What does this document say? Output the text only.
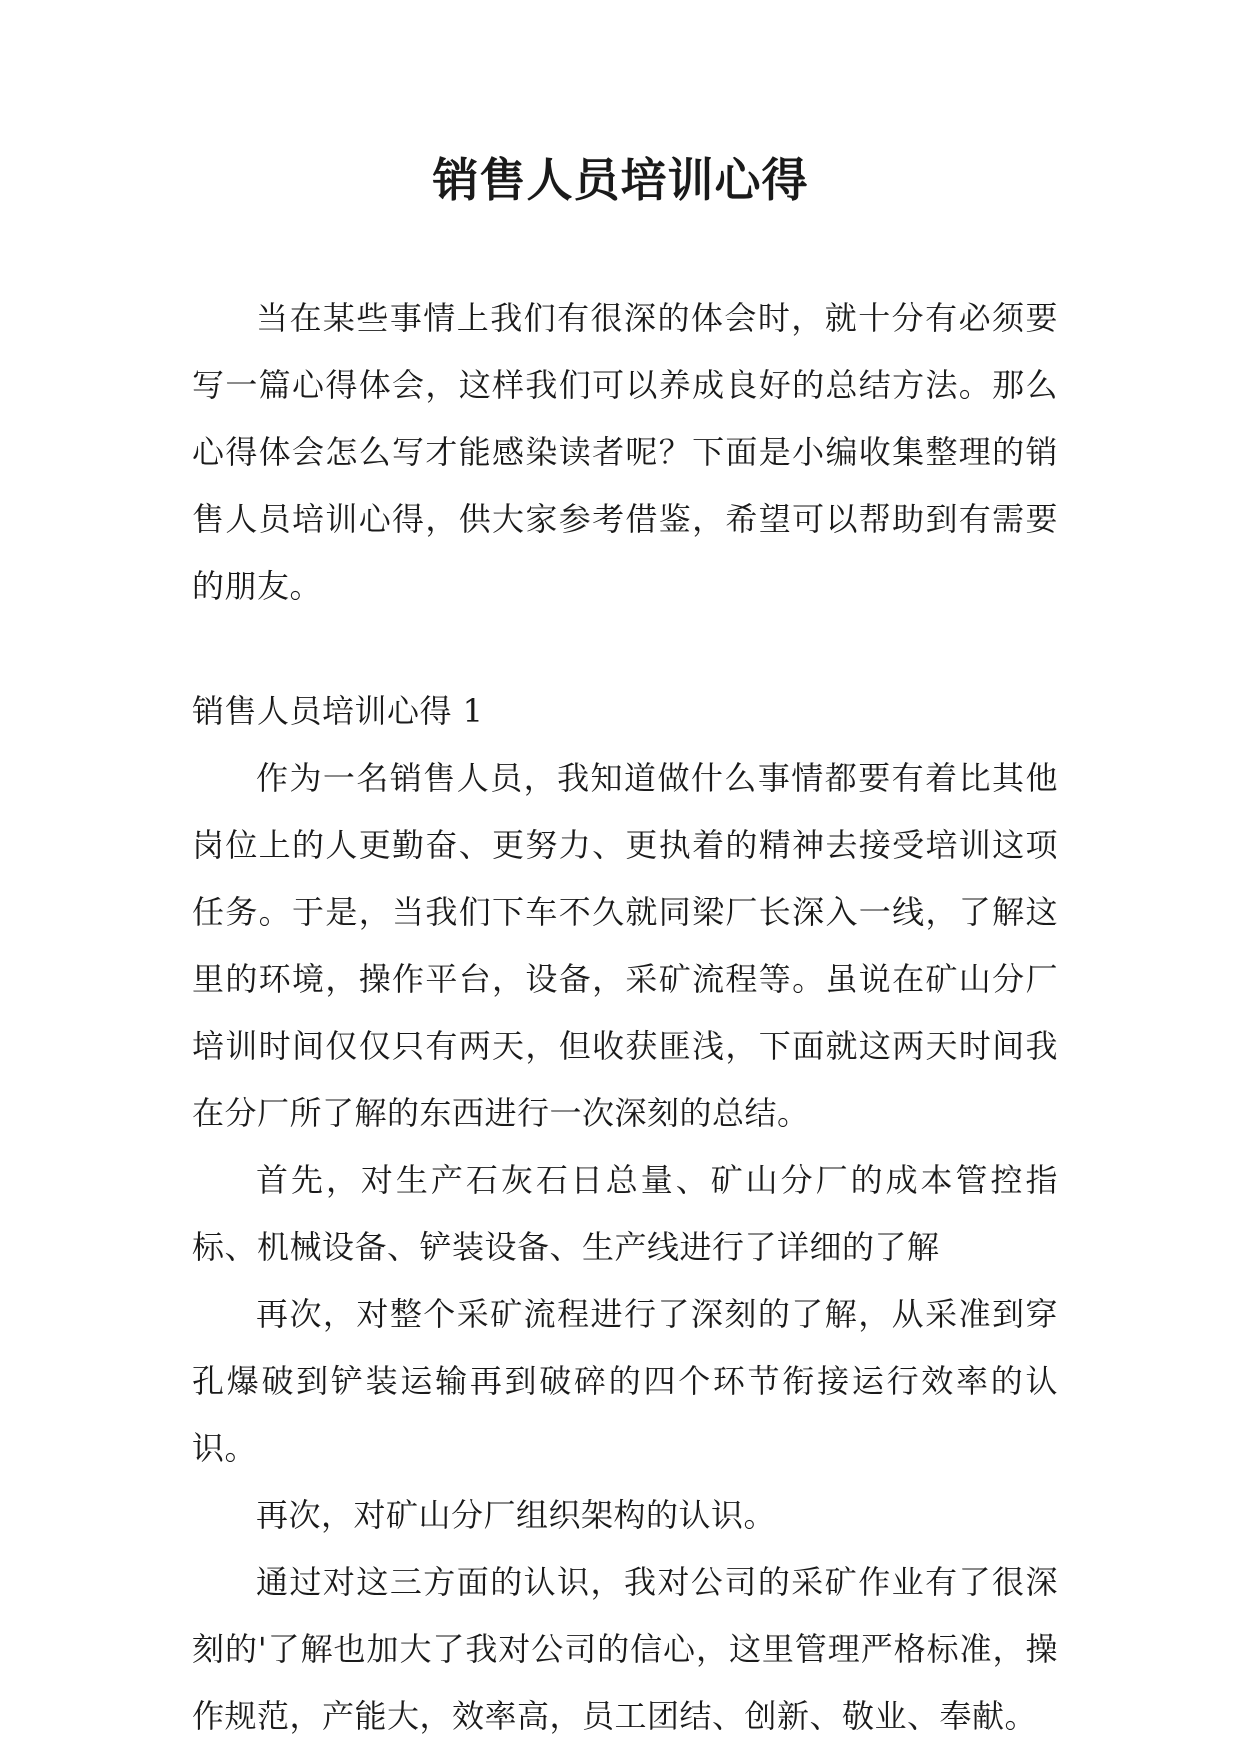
销售人员培训心得

当在某些事情上我们有很深的体会时，就十分有必须要写一篇心得体会，这样我们可以养成良好的总结方法。那么心得体会怎么写才能感染读者呢？下面是小编收集整理的销售人员培训心得，供大家参考借鉴，希望可以帮助到有需要的朋友。

销售人员培训心得 1

作为一名销售人员，我知道做什么事情都要有着比其他岗位上的人更勤奋、更努力、更执着的精神去接受培训这项任务。于是，当我们下车不久就同梁厂长深入一线，了解这里的环境，操作平台，设备，采矿流程等。虽说在矿山分厂培训时间仅仅只有两天，但收获匪浅，下面就这两天时间我在分厂所了解的东西进行一次深刻的总结。

首先，对生产石灰石日总量、矿山分厂的成本管控指标、机械设备、铲装设备、生产线进行了详细的了解

再次，对整个采矿流程进行了深刻的了解，从采准到穿孔爆破到铲装运输再到破碎的四个环节衔接运行效率的认识。

再次，对矿山分厂组织架构的认识。

通过对这三方面的认识，我对公司的采矿作业有了很深刻的'了解也加大了我对公司的信心，这里管理严格标准，操作规范，产能大，效率高，员工团结、创新、敬业、奉献。
